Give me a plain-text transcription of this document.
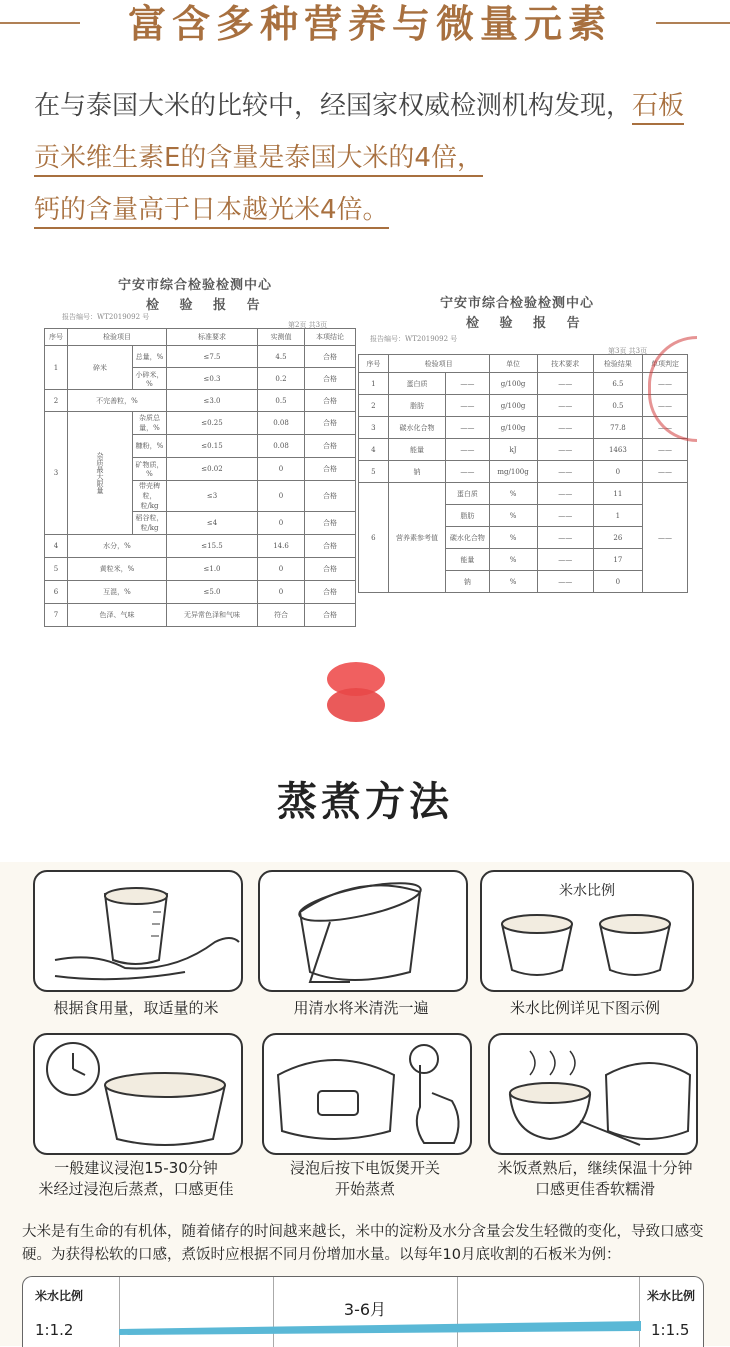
富含多种营养与微量元素
在与泰国大米的比较中，经国家权威检测机构发现，石板贡米维生素E的含量是泰国大米的4倍，
钙的含量高于日本越光米4倍。
宁安市综合检验检测中心
检 验 报 告
报告编号：WT2019092 号
第2页 共3页
序号	检验项目		标准要求	实测值	本项结论
1	碎米	总量，%	≤7.5	4.5	合格
		小碎米，%	≤0.3	0.2	合格
2	不完善粒，%		≤3.0	0.5	合格
3	杂质最大限量	杂质总量，%	≤0.25	0.08	合格
		糠粉，%	≤0.15	0.08	合格
		矿物质，%	≤0.02	0	合格
		带壳稗粒，粒/kg	≤3	0	合格
		稻谷粒，粒/kg	≤4	0	合格
4	水分，%		≤15.5	14.6	合格
5	黄粒米，%		≤1.0	0	合格
6	互混，%		≤5.0	0	合格
7	色泽、气味		无异常色泽和气味	符合	合格
宁安市综合检验检测中心
检 验 报 告
报告编号：WT2019092 号
第3页 共3页
序号	检验项目		单位	技术要求	检验结果	单项判定
1	蛋白质	——	g/100g	——	6.5	——
2	脂肪	——	g/100g	——	0.5	——
3	碳水化合物	——	g/100g	——	77.8	——
4	能量	——	kJ	——	1463	——
5	钠	——	mg/100g	——	0	——
6	营养素参考值	蛋白质	%	——	11	——
		脂肪	%	——	1	
		碳水化合物	%	——	26	
		能量	%	——	17	
		钠	%	——	0	
蒸煮方法
根据食用量，取适量的米	用清水将米清洗一遍
米水比例
米水比例详见下图示例
一般建议浸泡15-30分钟
米经过浸泡后蒸煮，口感更佳
浸泡后按下电饭煲开关
开始蒸煮
米饭煮熟后，继续保温十分钟
口感更佳香软糯滑
大米是有生命的有机体，随着储存的时间越来越长，米中的淀粉及水分含量会发生轻微的变化，导致口感变硬。为获得松软的口感，煮饭时应根据不同月份增加水量。以每年10月底收割的石板米为例：
米水比例
1:1.2
3-6月
米水比例
1:1.5
